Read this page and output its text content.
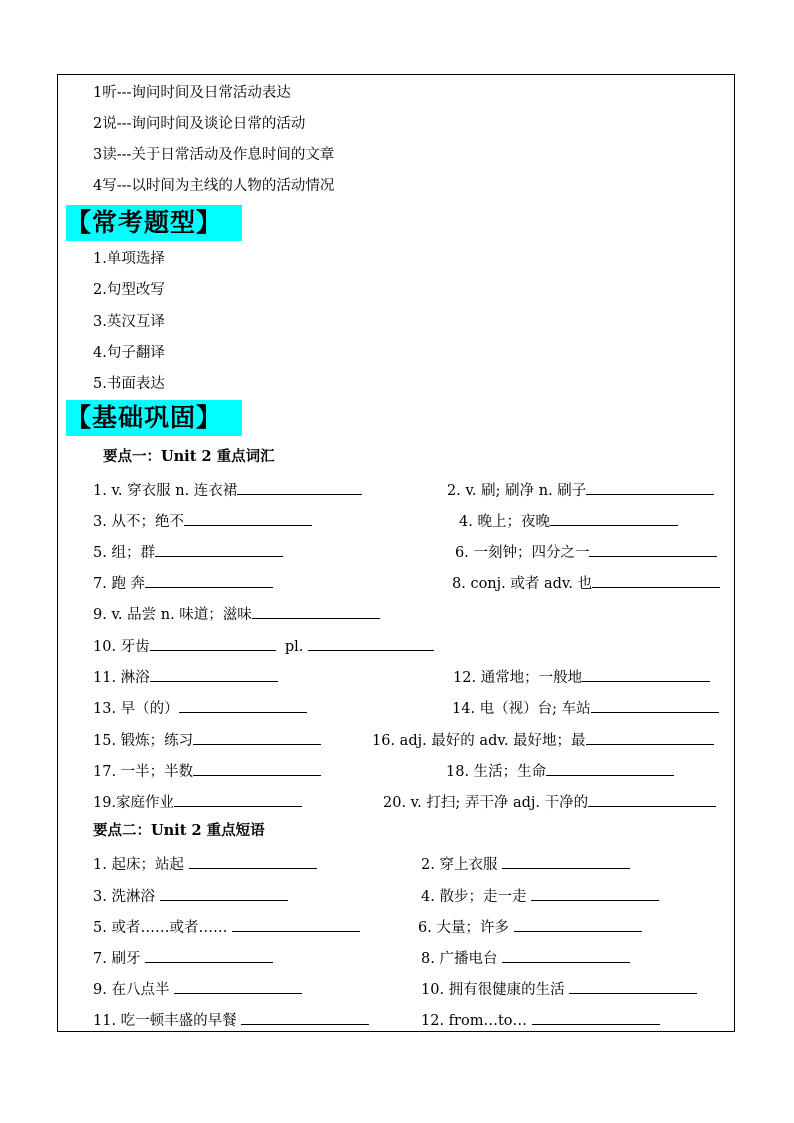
1听---询问时间及日常活动表达
2说---询问时间及谈论日常的活动
3读---关于日常活动及作息时间的文章
4写---以时间为主线的人物的活动情况
【常考题型】
1.单项选择
2.句型改写
3.英汉互译
4.句子翻译
5.书面表达
【基础巩固】
要点一：Unit 2 重点词汇
1. v. 穿衣服 n. 连衣裙	2. v. 刷; 刷净 n. 刷子
3. 从不；绝不	4. 晚上；夜晚
5. 组；群	6. 一刻钟；四分之一
7. 跑 奔	8. conj. 或者 adv. 也
9. v. 品尝 n. 味道；滋味
10. 牙齿	pl.
11. 淋浴	12. 通常地；一般地
13. 早（的）	14. 电（视）台; 车站
15. 锻炼；练习	16. adj. 最好的 adv. 最好地；最
17. 一半；半数	18. 生活；生命
19.家庭作业	20. v. 打扫; 弄干净 adj. 干净的
要点二：Unit 2 重点短语
1. 起床；站起	2. 穿上衣服
3. 洗淋浴	4. 散步；走一走
5. 或者……或者……	6. 大量；许多
7. 刷牙	8. 广播电台
9. 在八点半	10. 拥有很健康的生活
11. 吃一顿丰盛的早餐	12. from…to…
